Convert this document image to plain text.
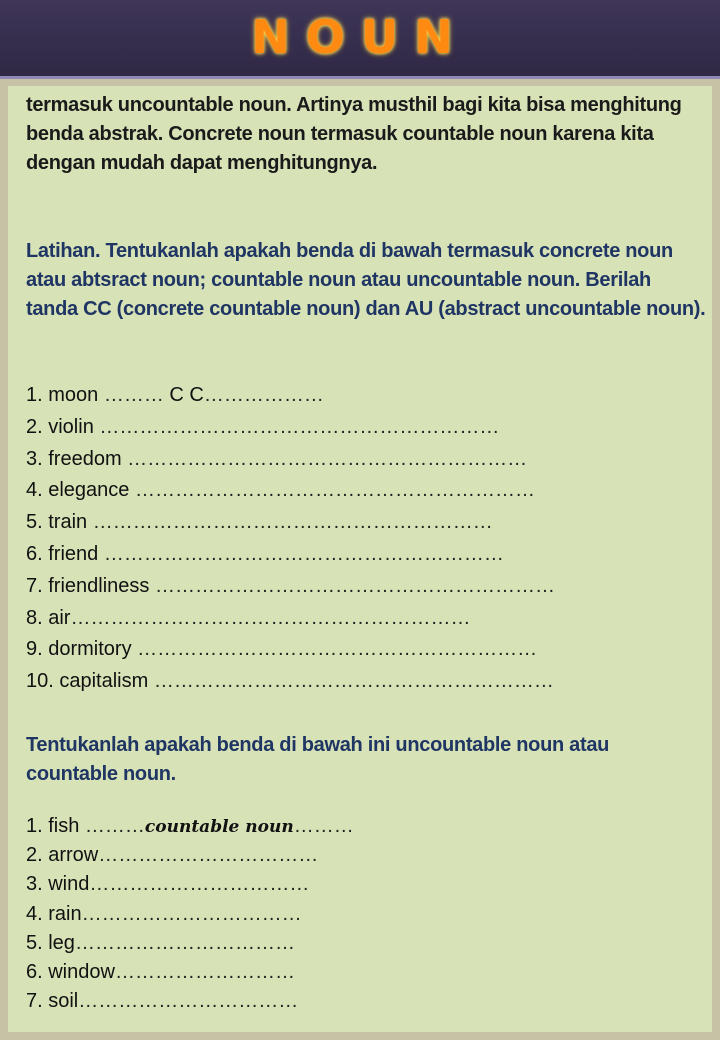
NOUN

termasuk uncountable noun. Artinya musthil bagi kita bisa menghitung benda abstrak. Concrete noun termasuk countable noun karena kita dengan mudah dapat menghitungnya.

Latihan. Tentukanlah apakah benda di bawah termasuk concrete noun atau abtsract noun; countable noun atau uncountable noun. Berilah tanda CC (concrete countable noun) dan AU (abstract uncountable noun).

1. moon ……… C C………………
2. violin ……………………………………………………
3. freedom ……………………………………………………
4. elegance ……………………………………………………
5. train ……………………………………………………
6. friend ……………………………………………………
7. friendliness ……………………………………………………
8. air……………………………………………………
9. dormitory ……………………………………………………
10. capitalism ……………………………………………………

Tentukanlah apakah benda di bawah ini uncountable noun atau countable noun.

1. fish ………countable noun………
2. arrow……………………………
3. wind……………………………
4. rain……………………………
5. leg……………………………
6. window………………………
7. soil……………………………
